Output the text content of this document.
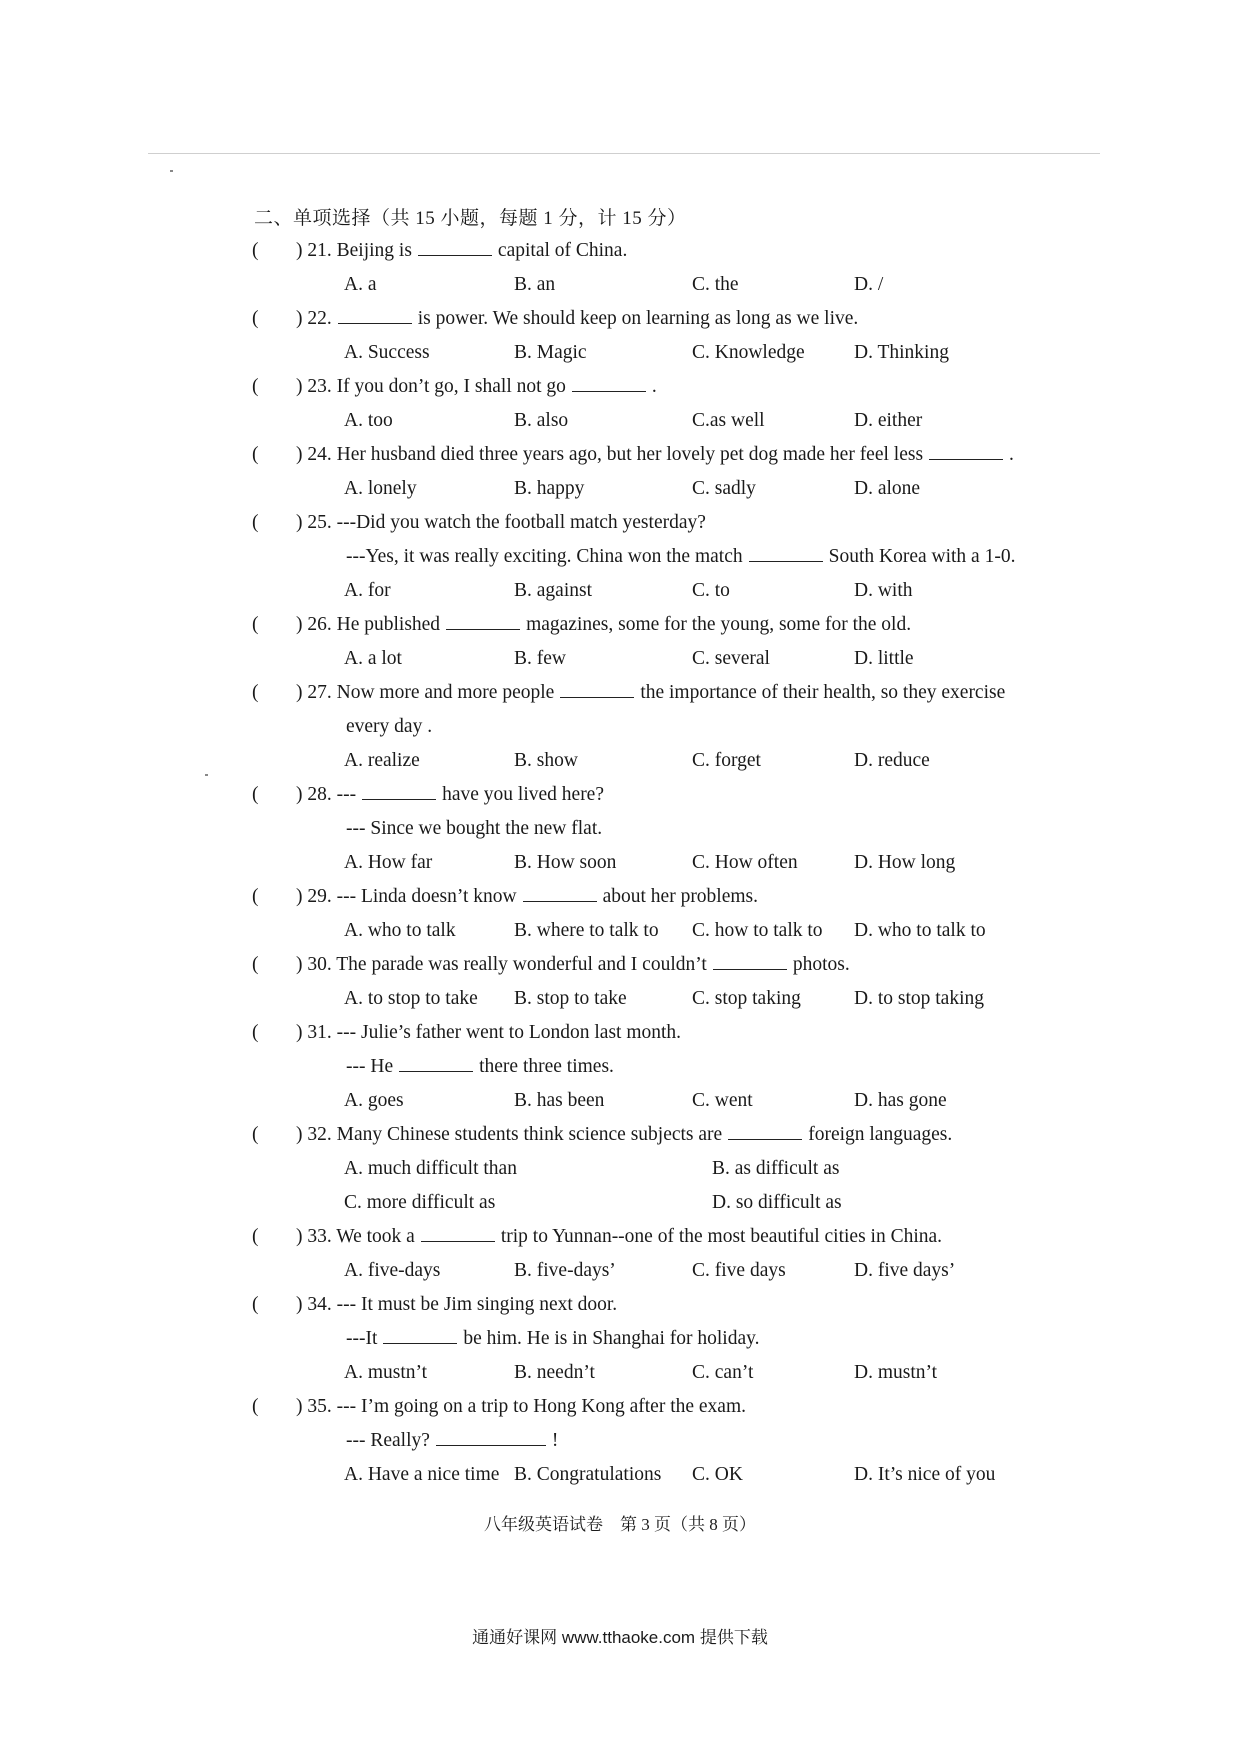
二、单项选择（共 15 小题，每题 1 分，计 15 分）
( ) 21. Beijing is	capital of China.
A. a	B. an	C. the	D. /
( ) 22.	is power. We should keep on learning as long as we live.
A. Success	B. Magic	C. Knowledge	D. Thinking
( ) 23. If you don’t go, I shall not go	.
A. too	B. also	C.as well	D. either
( ) 24. Her husband died three years ago, but her lovely pet dog made her feel less	.
A. lonely	B. happy	C. sadly	D. alone
( ) 25. ---Did you watch the football match yesterday?
---Yes, it was really exciting. China won the match	South Korea with a 1-0.
A. for	B. against	C. to	D. with
( ) 26. He published	magazines, some for the young, some for the old.
A. a lot	B. few	C. several	D. little
( ) 27. Now more and more people	the importance of their health, so they exercise
every day .
A. realize	B. show	C. forget	D. reduce
( ) 28. ---	have you lived here?
--- Since we bought the new flat.
A. How far	B. How soon	C. How often	D. How long
( ) 29. --- Linda doesn’t know	about her problems.
A. who to talk	B. where to talk to C. how to talk to D. who to talk to
( ) 30. The parade was really wonderful and I couldn’t	photos.
A. to stop to take B. stop to take	C. stop taking	D. to stop taking
( ) 31. --- Julie’s father went to London last month.
--- He	there three times.
A. goes	B. has been	C. went	D. has gone
( ) 32. Many Chinese students think science subjects are	foreign languages.
A. much difficult than	B. as difficult as
C. more difficult as	D. so difficult as
( ) 33. We took a	trip to Yunnan--one of the most beautiful cities in China.
A. five-days	B. five-days’	C. five days	D. five days’
( ) 34. --- It must be Jim singing next door.
---It	be him. He is in Shanghai for holiday.
A. mustn’t	B. needn’t	C. can’t	D. mustn’t
( ) 35. --- I’m going on a trip to Hong Kong after the exam.
--- Really?	!
A. Have a nice time B. Congratulations C. OK	D. It’s nice of you
八年级英语试卷　第 3 页（共 8 页）
通通好课网 www.tthaoke.com 提供下载
